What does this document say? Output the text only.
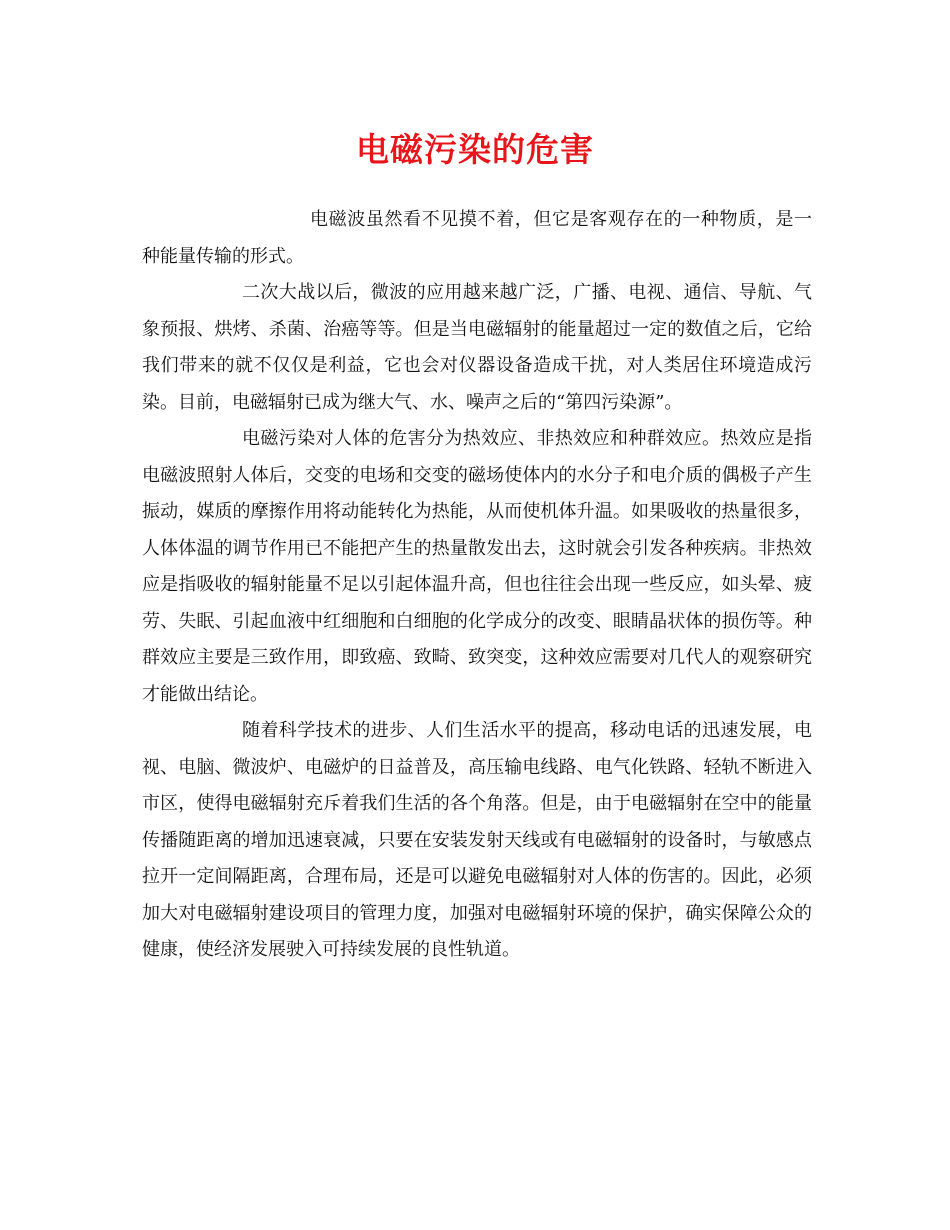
电磁污染的危害

电磁波虽然看不见摸不着，但它是客观存在的一种物质，是一种能量传输的形式。

二次大战以后，微波的应用越来越广泛，广播、电视、通信、导航、气象预报、烘烤、杀菌、治癌等等。但是当电磁辐射的能量超过一定的数值之后，它给我们带来的就不仅仅是利益，它也会对仪器设备造成干扰，对人类居住环境造成污染。目前，电磁辐射已成为继大气、水、噪声之后的“第四污染源”。

电磁污染对人体的危害分为热效应、非热效应和种群效应。热效应是指电磁波照射人体后，交变的电场和交变的磁场使体内的水分子和电介质的偶极子产生振动，媒质的摩擦作用将动能转化为热能，从而使机体升温。如果吸收的热量很多，人体体温的调节作用已不能把产生的热量散发出去，这时就会引发各种疾病。非热效应是指吸收的辐射能量不足以引起体温升高，但也往往会出现一些反应，如头晕、疲劳、失眠、引起血液中红细胞和白细胞的化学成分的改变、眼睛晶状体的损伤等。种群效应主要是三致作用，即致癌、致畸、致突变，这种效应需要对几代人的观察研究才能做出结论。

随着科学技术的进步、人们生活水平的提高，移动电话的迅速发展，电视、电脑、微波炉、电磁炉的日益普及，高压输电线路、电气化铁路、轻轨不断进入市区，使得电磁辐射充斥着我们生活的各个角落。但是，由于电磁辐射在空中的能量传播随距离的增加迅速衰减，只要在安装发射天线或有电磁辐射的设备时，与敏感点拉开一定间隔距离，合理布局，还是可以避免电磁辐射对人体的伤害的。因此，必须加大对电磁辐射建设项目的管理力度，加强对电磁辐射环境的保护，确实保障公众的健康，使经济发展驶入可持续发展的良性轨道。
